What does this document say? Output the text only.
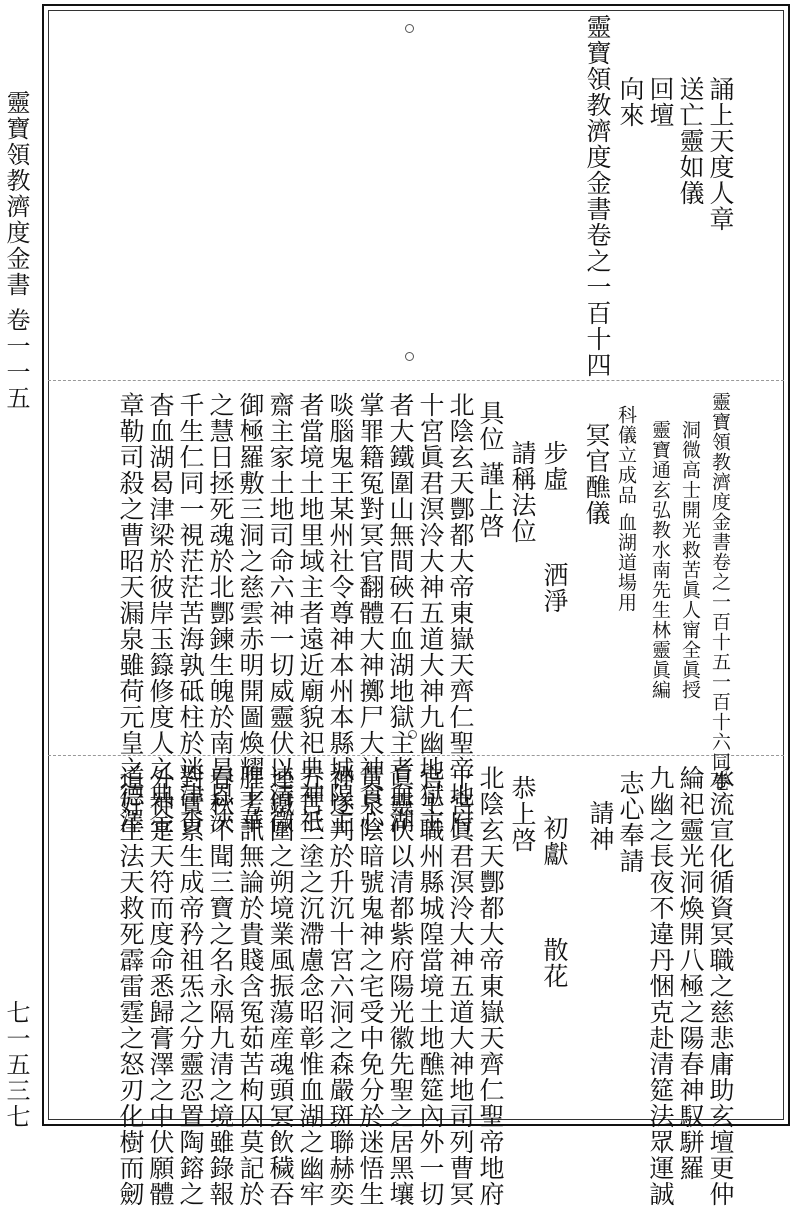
靈寶領教濟度金書 卷一一五
七一五三七
誦上天度人章
送亡靈如儀
回壇
向來
靈寶領教濟度金書卷之一百十四
靈寶領教濟度金書卷之一百十五一百十六同卷
洞微高士開光救苦眞人甯全眞授
靈寶通玄弘教水南先生林靈眞編
科儀立成品 血湖道場用
冥官醮儀
步虛 　　 洒淨
請稱法位
具位 謹上啓
北陰玄天酆都大帝東嶽天齊仁聖帝地府
十宮眞君溟泠大神五道大神九幽地獄主
者大鐵圍山無間硤石血湖地獄主者血湖
掌罪籍冤對冥官翻體大神擲尸大神食心
啖腦鬼王某州社令尊神本州本縣城隍主
者當境土地里域主者遠近廟貌祀典神祇
齋主家土地司命六神一切威靈伏以清微
御極羅敷三洞之慈雲赤明開圖煥耀十華
之慧日拯死魂於北酆鍊生魄於南昌恩浹
千生仁同一視茫茫苦海孰砥柱於迷津沓
杳血湖曷津梁於彼岸玉籙修度人之典金
章勒司殺之曹昭天漏泉雖荷元皇之德澤
承流宣化循資冥職之慈悲庸助玄壇更仲
綸祀靈光洞煥開八極之陽春神馭駢羅
九幽之長夜不違丹悃克赴清筵法眾運誠
志心奉請
請神
初獻 　　 散花
恭上啓
北陰玄天酆都大帝東嶽天齊仁聖帝地府
十宮眞君溟泠大神五道大神地司列曹冥
官主職州縣城隍當境土地醮筵內外一切
眞靈伏以清都紫府陽光徽先聖之居黑壤
黃泉陰暗號鬼神之宅受中免分於迷悟生
神遂判於升沉十宮六洞之森嚴斑聯赫奕
五苦三塗之沉滯慮念昭彰惟血湖之幽牢
連鐵圍之朔境業風振蕩産魂頭冥飲穢吞
腥考訊無論於貴賤含冤茹苦枸囚莫記於
春秋不聞三寶之名永隔九清之境雖錄報
對實累生成帝矜祖炁之分靈忍置陶鎔之
外神寔天符而度命悉歸膏澤之中伏願體
道好生法天救死霹雷霆之怒刃化樹而劒
